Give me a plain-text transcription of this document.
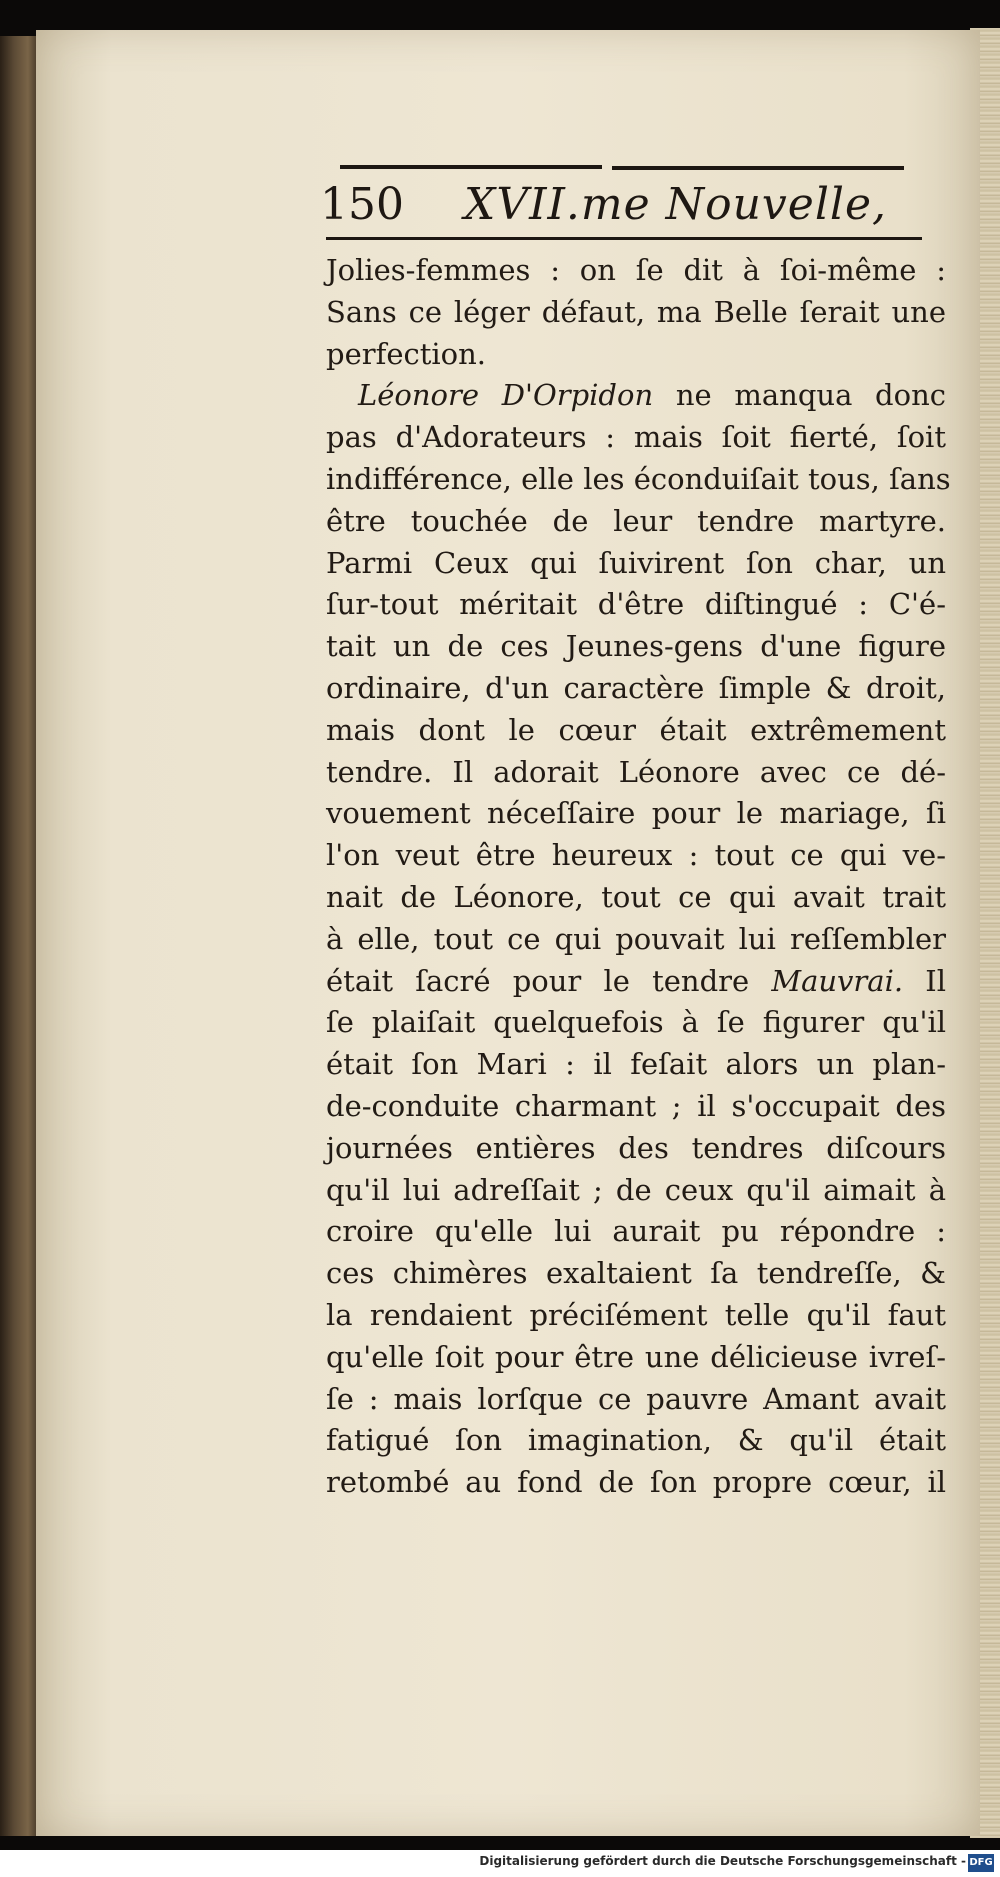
150 XVII.me Nouvelle,
Jolies-femmes : on ſe dit à ſoi-même :
Sans ce léger défaut, ma Belle ſerait une
perfection.
Léonore D'Orpidon ne manqua donc
pas d'Adorateurs : mais ſoit fierté, ſoit
indifférence, elle les éconduiſait tous, ſans
être touchée de leur tendre martyre.
Parmi Ceux qui ſuivirent ſon char, un
ſur-tout méritait d'être diſtingué : C'é-
tait un de ces Jeunes-gens d'une figure
ordinaire, d'un caractère ſimple & droit,
mais dont le cœur était extrêmement
tendre. Il adorait Léonore avec ce dé-
vouement néceſſaire pour le mariage, ſi
l'on veut être heureux : tout ce qui ve-
nait de Léonore, tout ce qui avait trait
à elle, tout ce qui pouvait lui reſſembler
était ſacré pour le tendre Mauvrai. Il
ſe plaiſait quelquefois à ſe figurer qu'il
était ſon Mari : il feſait alors un plan-
de-conduite charmant ; il s'occupait des
journées entières des tendres diſcours
qu'il lui adreſſait ; de ceux qu'il aimait à
croire qu'elle lui aurait pu répondre :
ces chimères exaltaient ſa tendreſſe, &
la rendaient préciſément telle qu'il faut
qu'elle ſoit pour être une délicieuse ivreſ-
ſe : mais lorſque ce pauvre Amant avait
fatigué ſon imagination, & qu'il était
retombé au fond de ſon propre cœur, il
Digitalisierung gefördert durch die Deutsche Forschungsgemeinschaft - DFG
